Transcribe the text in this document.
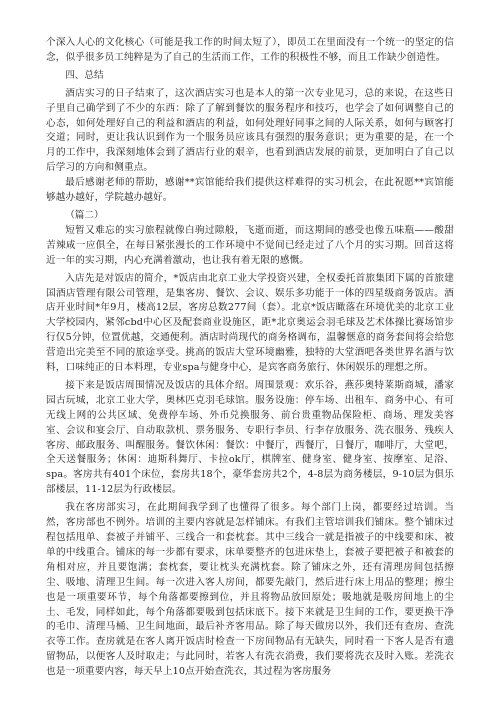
个深入人心的文化核心（可能是我工作的时间太短了），即员工在里面没有一个统一的坚定的信念，似乎很多员工纯粹是为了自己的生活而工作，工作的积极性不够，而且工作缺少创造性。

四、总结

酒店实习的日子结束了，这次酒店实习也是本人的第一次专业见习，总的来说，在这些日子里自己确学到了不少的东西：除了了解到餐饮的服务程序和技巧，也学会了如何调整自己的心态，如何处理好自己的利益和酒店的利益，如何处理好同事之间的人际关系，如何与顾客打交道；同时，更让我认识到作为一个服务员应该具有强烈的服务意识；更为重要的是，在一个月的工作中，我深刻地体会到了酒店行业的艰辛，也看到酒店发展的前景，更加明白了自己以后学习的方向和侧重点。

最后感谢老师的帮助，感谢**宾馆能给我们提供这样难得的实习机会，在此祝愿**宾馆能够越办越好，学院越办越好。

（篇二）

短暂又难忘的实习旅程就像白驹过隙般，飞逝而逝，而这期间的感受也像五味瓶——酸甜苦辣咸一应俱全，在每日紧张漫长的工作环境中不觉间已经走过了八个月的实习期。回首这将近一年的实习期，内心充满着激动，也让我有着无限的感慨。

入店先是对饭店的简介，*饭店由北京工业大学投资兴建，全权委托首旅集团下属的首旅建国酒店管理有限公司管理，是集客房、餐饮、会议、娱乐多功能于一体的四星级商务饭店。酒店开业时间*年9月，楼高12层，客房总数277间（套）。北京*饭店瞰落在环境优美的北京工业大学校园内，紧邻cbd中心区及配套商业设施区，距*北京奥运会羽毛球及艺术体操比赛场馆步行仅5分钟，位置优越，交通便利。酒店时尚现代的商务格调布，温馨惬意的商务套间将会给您营造出完美至不同的旅途享受。挑高的饭店大堂环境幽雅，独特的大堂酒吧各类世界名酒与饮料，口味纯正的日本料理，专业spa与健身中心，是宾客商务旅行、休闲娱乐的理想之所。

接下来是饭店周围情况及饭店的具体介绍。周围景观：欢乐谷，燕莎奥特莱斯商城，潘家园古玩城，北京工业大学，奥林匹克羽毛球馆。服务设施：停车场、出租车、商务中心、有可无线上网的公共区域、免费停车场、外币兑换服务、前台贵重物品保险柜、商场、理发美容室、会议和宴会厅、自动取款机、票务服务、专职行李员、行李存放服务、洗衣服务、残疾人客房、邮政服务、叫醒服务。餐饮休闲：餐饮：中餐厅，西餐厅，日餐厅，咖啡厅，大堂吧，全天送餐服务；休闲：迪斯科舞厅、卡拉ok厅，棋牌室、健身室、健身室、按摩室、足浴、spa。客房共有401个床位，套房共18个，豪华套房共2个，4-8层为商务楼层，9-10层为俱乐部楼层，11-12层为行政楼层。

我在客房部实习，在此期间我学到了也懂得了很多。每个部门上岗，都要经过培训。当然，客房部也不例外。培训的主要内容就是怎样铺床。有我们主管培训我们铺床。整个铺床过程包括甩单、套被子并铺平、三线合一和套枕套。其中三线合一就是指被子的中线要和床、被单的中线重合。铺床的每一步都有要求，床单要整齐的包进床垫上，套被子要把被子和被套的角相对应，并且要饱满；套枕套，要让枕头充满枕套。除了铺床之外，还有清理房间包括擦尘、吸地、清理卫生间。每一次进入客人房间，都要先敲门，然后进行床上用品的整理；擦尘也是一项重要环节，每个角落都要擦到位，并且将物品放回原处；吸地就是吸房间地上的尘土、毛发，同样如此，每个角落都要吸到包括床底下。接下来就是卫生间的工作，要更换干净的毛巾、清理马桶、卫生间地面，最后补齐客用品。除了每天做房以外，我们还有查房、查洗衣等工作。查房就是在客人离开饭店时检查一下房间物品有无缺失，同时看一下客人是否有遗留物品，以便客人及时取走；与此同时，若客人有洗衣消费，我们要将洗衣及时入账。差洗衣也是一项重要内容，每天早上10点开始查洗衣，其过程为客房服务
